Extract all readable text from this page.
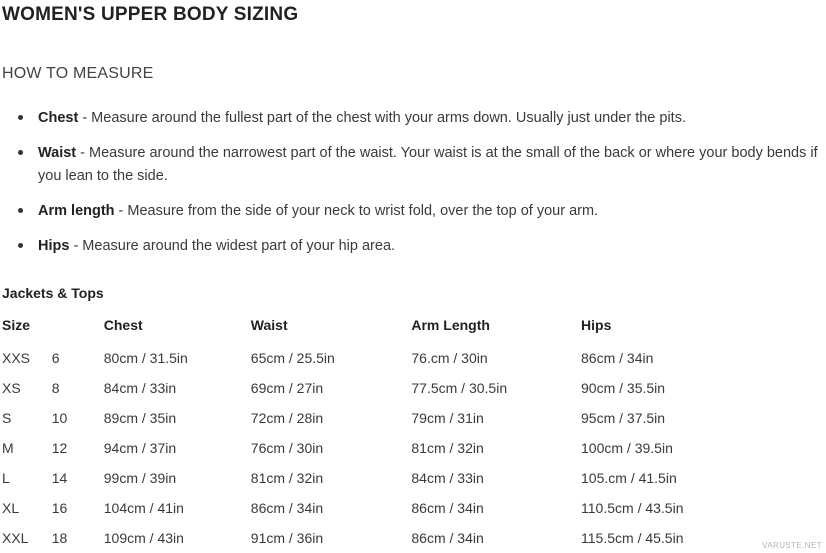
WOMEN'S UPPER BODY SIZING
HOW TO MEASURE
Chest - Measure around the fullest part of the chest with your arms down. Usually just under the pits.
Waist - Measure around the narrowest part of the waist. Your waist is at the small of the back or where your body bends if you lean to the side.
Arm length - Measure from the side of your neck to wrist fold, over the top of your arm.
Hips - Measure around the widest part of your hip area.
Jackets & Tops
Size		Chest	Waist	Arm Length	Hips
XXS	6	80cm / 31.5in	65cm / 25.5in	76.cm / 30in	86cm / 34in
XS	8	84cm / 33in	69cm / 27in	77.5cm / 30.5in	90cm / 35.5in
S	10	89cm / 35in	72cm / 28in	79cm / 31in	95cm / 37.5in
M	12	94cm / 37in	76cm / 30in	81cm / 32in	100cm / 39.5in
L	14	99cm / 39in	81cm / 32in	84cm / 33in	105.cm / 41.5in
XL	16	104cm / 41in	86cm / 34in	86cm / 34in	110.5cm / 43.5in
XXL	18	109cm / 43in	91cm / 36in	86cm / 34in	115.5cm / 45.5in	VARUSTE.NET
